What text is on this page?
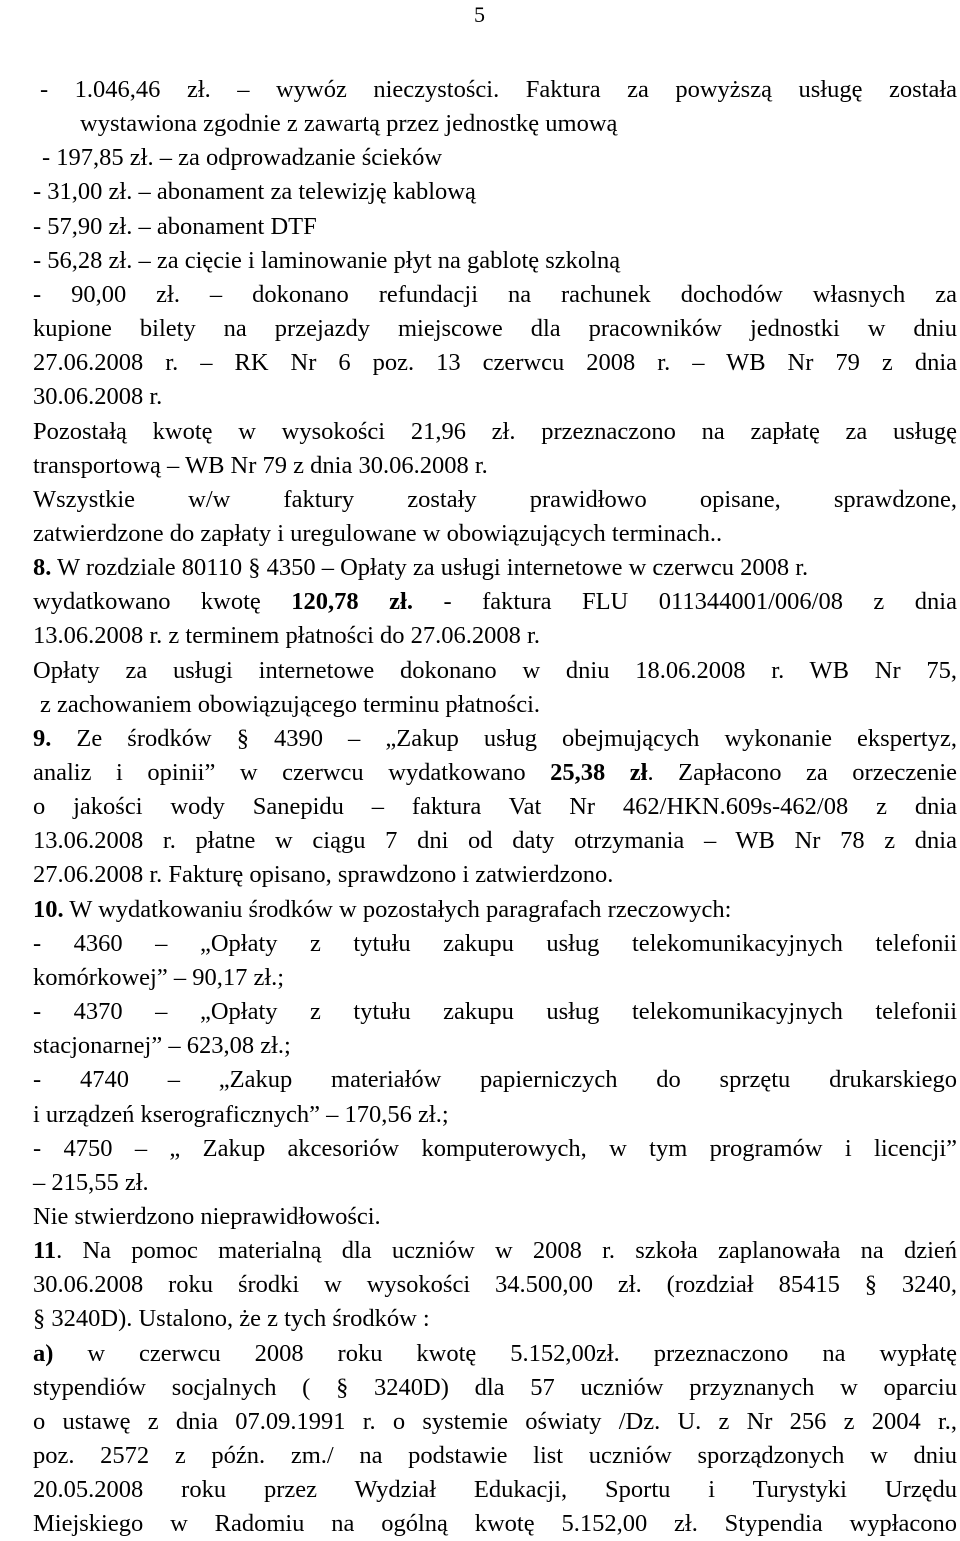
5
- 1.046,46 zł. – wywóz nieczystości. Faktura za powyższą usługę została
wystawiona zgodnie z zawartą przez jednostkę umową
- 197,85 zł. – za odprowadzanie ścieków
- 31,00 zł. – abonament za telewizję kablową
- 57,90 zł. – abonament DTF
- 56,28 zł. – za cięcie i laminowanie płyt na gablotę szkolną
- 90,00 zł. – dokonano refundacji na rachunek dochodów własnych za
kupione bilety na przejazdy miejscowe dla pracowników jednostki w dniu
27.06.2008 r. – RK Nr 6 poz. 13 czerwcu 2008 r. – WB Nr 79 z dnia
30.06.2008 r.
Pozostałą kwotę w wysokości 21,96 zł. przeznaczono na zapłatę za usługę
transportową – WB Nr 79 z dnia 30.06.2008 r.
Wszystkie w/w faktury zostały prawidłowo opisane, sprawdzone,
zatwierdzone do zapłaty i uregulowane w obowiązujących terminach..
8. W rozdziale 80110 § 4350 – Opłaty za usługi internetowe w czerwcu 2008 r.
wydatkowano kwotę 120,78 zł. - faktura FLU 011344001/006/08 z dnia
13.06.2008 r. z terminem płatności do 27.06.2008 r.
Opłaty za usługi internetowe dokonano w dniu 18.06.2008 r. WB Nr 75,
z zachowaniem obowiązującego terminu płatności.
9. Ze środków § 4390 – „Zakup usług obejmujących wykonanie ekspertyz,
analiz i opinii” w czerwcu wydatkowano 25,38 zł. Zapłacono za orzeczenie
o jakości wody Sanepidu – faktura Vat Nr 462/HKN.609s-462/08 z dnia
13.06.2008 r. płatne w ciągu 7 dni od daty otrzymania – WB Nr 78 z dnia
27.06.2008 r. Fakturę opisano, sprawdzono i zatwierdzono.
10. W wydatkowaniu środków w pozostałych paragrafach rzeczowych:
- 4360 – „Opłaty z tytułu zakupu usług telekomunikacyjnych telefonii
komórkowej” – 90,17 zł.;
- 4370 – „Opłaty z tytułu zakupu usług telekomunikacyjnych telefonii
stacjonarnej” – 623,08 zł.;
- 4740 – „Zakup materiałów papierniczych do sprzętu drukarskiego
i urządzeń kserograficznych” – 170,56 zł.;
- 4750 – „ Zakup akcesoriów komputerowych, w tym programów i licencji”
– 215,55 zł.
Nie stwierdzono nieprawidłowości.
11. Na pomoc materialną dla uczniów w 2008 r. szkoła zaplanowała na dzień
30.06.2008 roku środki w wysokości 34.500,00 zł. (rozdział 85415 § 3240,
§ 3240D). Ustalono, że z tych środków :
a) w czerwcu 2008 roku kwotę 5.152,00zł. przeznaczono na wypłatę
stypendiów socjalnych ( § 3240D) dla 57 uczniów przyznanych w oparciu
o ustawę z dnia 07.09.1991 r. o systemie oświaty /Dz. U. z Nr 256 z 2004 r.,
poz. 2572 z późn. zm./ na podstawie list uczniów sporządzonych w dniu
20.05.2008 roku przez Wydział Edukacji, Sportu i Turystyki Urzędu
Miejskiego w Radomiu na ogólną kwotę 5.152,00 zł. Stypendia wypłacono
